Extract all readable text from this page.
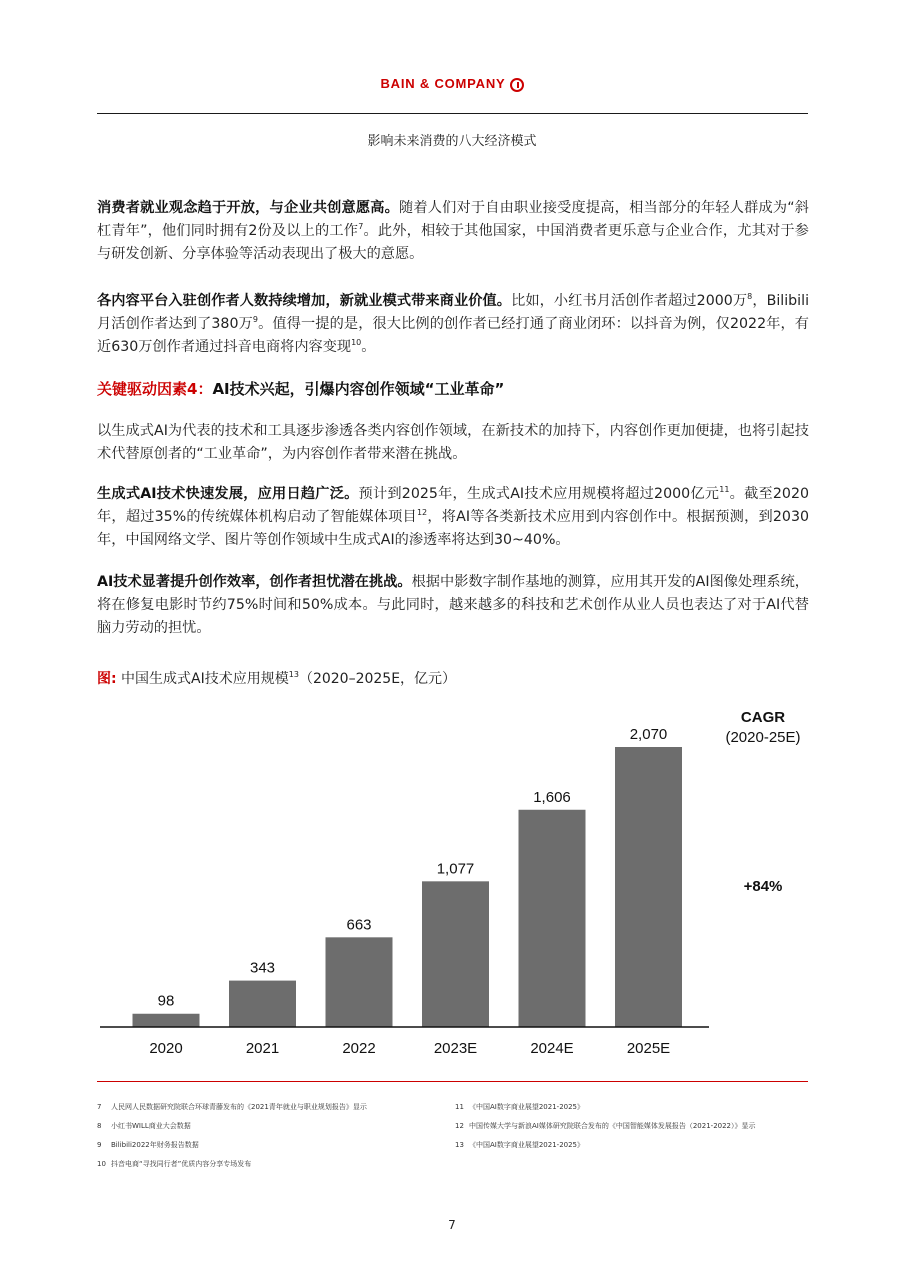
BAIN & COMPANY
影响未来消费的八大经济模式

消费者就业观念趋于开放，与企业共创意愿高。随着人们对于自由职业接受度提高，相当部分的年轻人群成为“斜杠青年”，他们同时拥有2份及以上的工作$^7$。此外，相较于其他国家，中国消费者更乐意与企业合作，尤其对于参与研发创新、分享体验等活动表现出了极大的意愿。

各内容平台入驻创作者人数持续增加，新就业模式带来商业价值。比如，小红书月活创作者超过2000万$^8$，Bilibili月活创作者达到了380万$^9$。值得一提的是，很大比例的创作者已经打通了商业闭环：以抖音为例，仅2022年，有近630万创作者通过抖音电商将内容变现$^{10}$。

关键驱动因素4：AI技术兴起，引爆内容创作领域“工业革命”

以生成式AI为代表的技术和工具逐步渗透各类内容创作领域，在新技术的加持下，内容创作更加便捷，也将引起技术代替原创者的“工业革命”，为内容创作者带来潜在挑战。

生成式AI技术快速发展，应用日趋广泛。预计到2025年，生成式AI技术应用规模将超过2000亿元$^{11}$。截至2020年，超过35%的传统媒体机构启动了智能媒体项目$^{12}$，将AI等各类新技术应用到内容创作中。根据预测，到2030年，中国网络文学、图片等创作领域中生成式AI的渗透率将达到30~40%。

AI技术显著提升创作效率，创作者担忧潜在挑战。根据中影数字制作基地的测算，应用其开发的AI图像处理系统，将在修复电影时节约75%时间和50%成本。与此同时，越来越多的科技和艺术创作从业人员也表达了对于AI代替脑力劳动的担忧。

图: 中国生成式AI技术应用规模$^{13}$（2020–2025E，亿元）
CAGR
(2020-25E)
+84%
98
2020
343
2021
663
2022
1,077
2023E
1,606
2024E
2,070
2025E
7 人民网人民数据研究院联合环球青藤发布的《2021青年就业与职业规划报告》显示
8 小红书WILL商业大会数据
9 Bilibili2022年财务报告数据
10 抖音电商“寻找同行者”优质内容分享专场发布
11 《中国AI数字商业展望2021-2025》
12 中国传媒大学与新浪AI媒体研究院联合发布的《中国智能媒体发展报告（2021-2022）》显示
13 《中国AI数字商业展望2021-2025》
7
